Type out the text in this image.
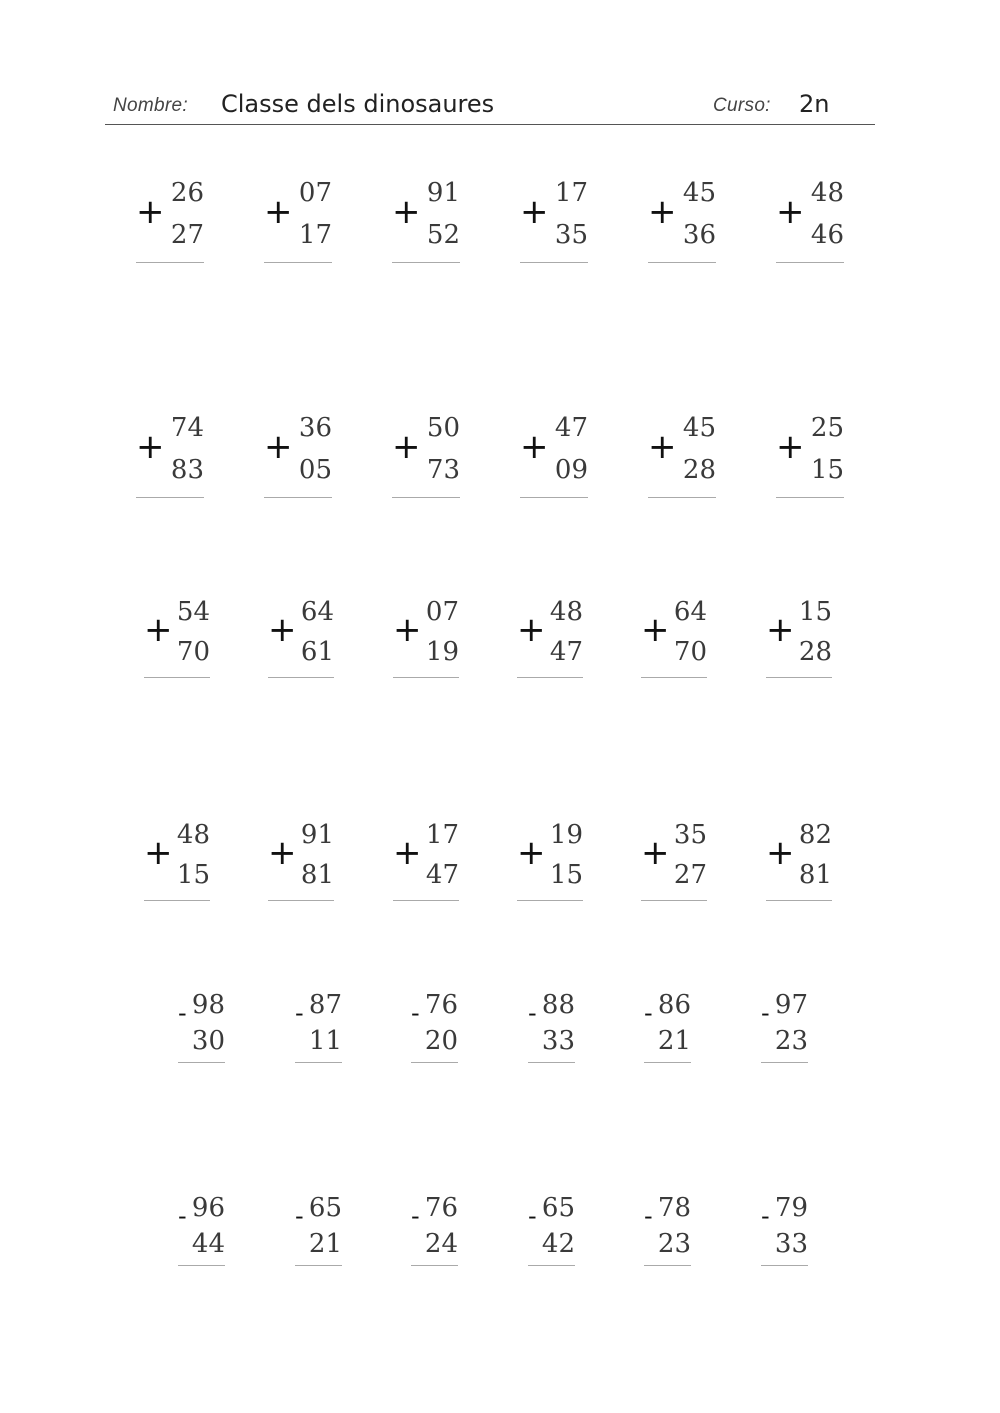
Nombre: Classe dels dinosaures	Curso: 2n
+ 26
27
+ 07
17
+ 91
52
+ 17
35
+ 45
36
+ 48
46
+ 74
83
+ 36
05
+ 50
73
+ 47
09
+ 45
28
+ 25
15
+ 54
70
+ 64
61
+ 07
19
+ 48
47
+ 64
70
+ 15
28
+ 48
15
+ 91
81
+ 17
47
+ 19
15
+ 35
27
+ 82
81
- 98
30
- 87
11
- 76
20
- 88
33
- 86
21
- 97
23
- 96
44
- 65
21
- 76
24
- 65
42
- 78
23
- 79
33
